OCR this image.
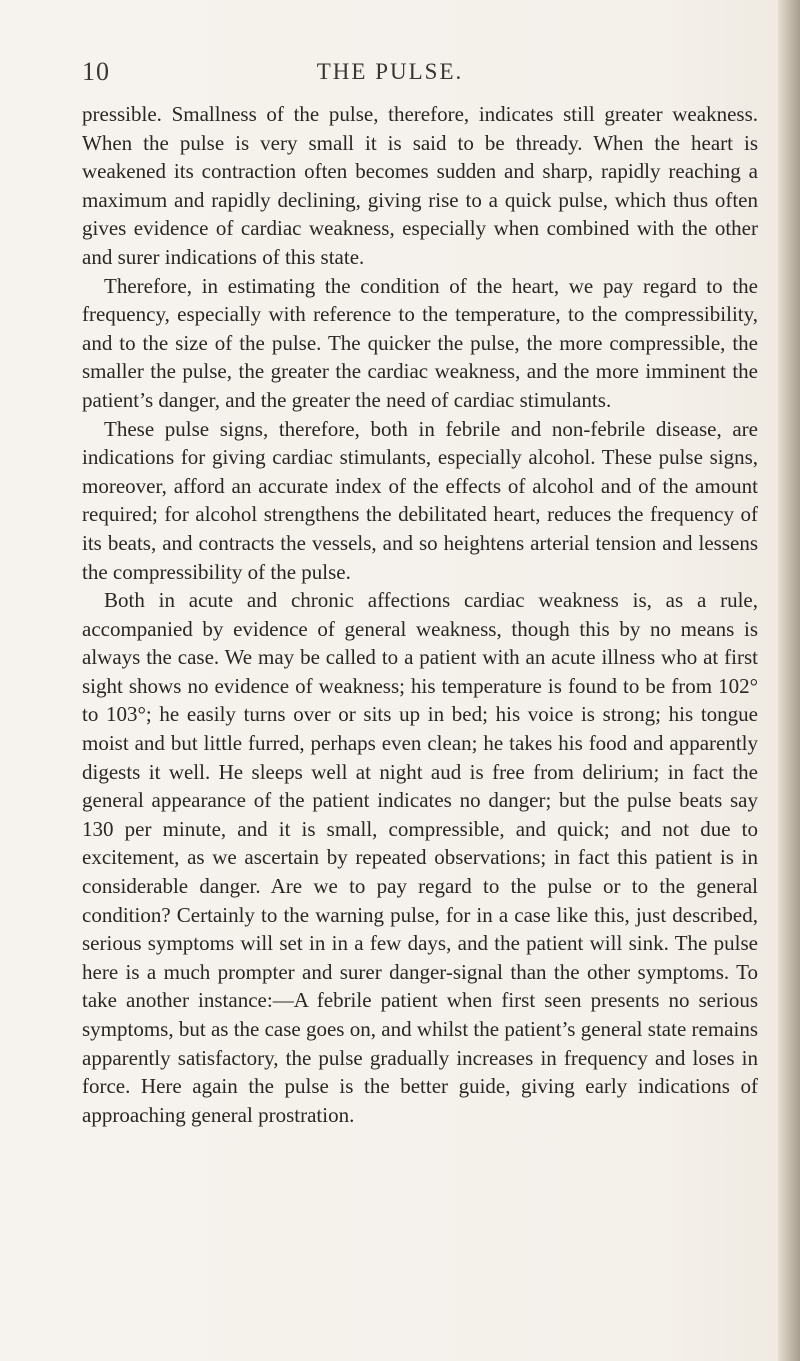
10	THE PULSE.

pressible. Smallness of the pulse, therefore, indicates still greater weakness. When the pulse is very small it is said to be thready. When the heart is weakened its contraction often becomes sudden and sharp, rapidly reaching a maximum and rapidly declining, giving rise to a quick pulse, which thus often gives evidence of cardiac weakness, especially when combined with the other and surer indications of this state.

Therefore, in estimating the condition of the heart, we pay regard to the frequency, especially with reference to the temperature, to the compressibility, and to the size of the pulse. The quicker the pulse, the more compressible, the smaller the pulse, the greater the cardiac weakness, and the more imminent the patient’s danger, and the greater the need of cardiac stimulants.

These pulse signs, therefore, both in febrile and non-febrile disease, are indications for giving cardiac stimulants, especially alcohol. These pulse signs, moreover, afford an accurate index of the effects of alcohol and of the amount required; for alcohol strengthens the debilitated heart, reduces the frequency of its beats, and contracts the vessels, and so heightens arterial tension and lessens the compressibility of the pulse.

Both in acute and chronic affections cardiac weakness is, as a rule, accompanied by evidence of general weakness, though this by no means is always the case. We may be called to a patient with an acute illness who at first sight shows no evidence of weakness; his temperature is found to be from 102° to 103°; he easily turns over or sits up in bed; his voice is strong; his tongue moist and but little furred, perhaps even clean; he takes his food and apparently digests it well. He sleeps well at night aud is free from delirium; in fact the general appearance of the patient indicates no danger; but the pulse beats say 130 per minute, and it is small, compressible, and quick; and not due to excitement, as we ascertain by repeated observations; in fact this patient is in considerable danger. Are we to pay regard to the pulse or to the general condition? Certainly to the warning pulse, for in a case like this, just described, serious symptoms will set in in a few days, and the patient will sink. The pulse here is a much prompter and surer danger-signal than the other symptoms. To take another instance:—A febrile patient when first seen presents no serious symptoms, but as the case goes on, and whilst the patient’s general state remains apparently satisfactory, the pulse gradually increases in frequency and loses in force. Here again the pulse is the better guide, giving early indications of approaching general prostration.
